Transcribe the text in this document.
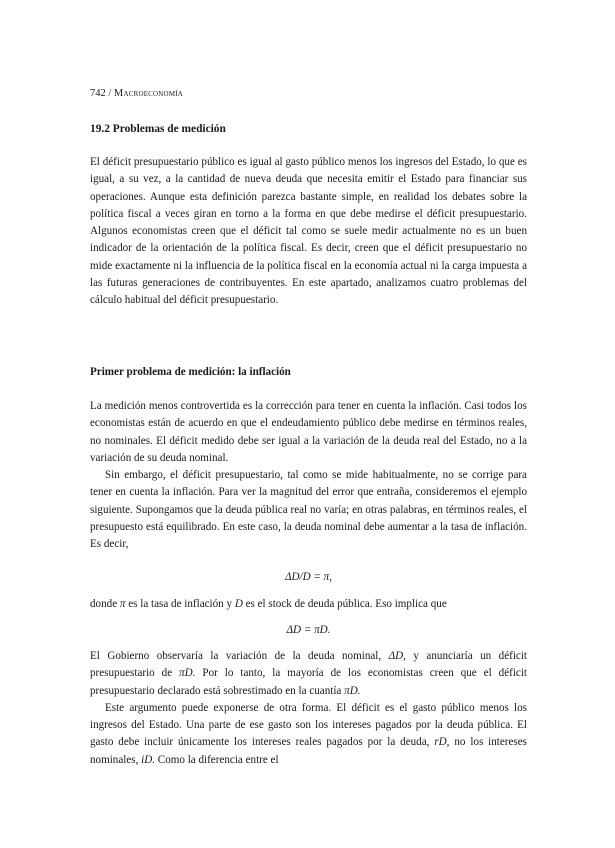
742 / Macroeconomía
19.2 Problemas de medición

El déficit presupuestario público es igual al gasto público menos los ingresos del Estado, lo que es igual, a su vez, a la cantidad de nueva deuda que necesita emitir el Estado para financiar sus operaciones. Aunque esta definición parezca bastante simple, en realidad los debates sobre la política fiscal a veces giran en torno a la forma en que debe medirse el déficit presupuestario. Algunos economistas creen que el déficit tal como se suele medir actualmente no es un buen indicador de la orientación de la política fiscal. Es decir, creen que el déficit presupuestario no mide exactamente ni la influencia de la política fiscal en la economía actual ni la carga impuesta a las futuras generaciones de contribuyentes. En este apartado, analizamos cuatro problemas del cálculo habitual del déficit presupuestario.

Primer problema de medición: la inflación

La medición menos controvertida es la corrección para tener en cuenta la inflación. Casi todos los economistas están de acuerdo en que el endeudamiento público debe medirse en términos reales, no nominales. El déficit medido debe ser igual a la variación de la deuda real del Estado, no a la variación de su deuda nominal.

Sin embargo, el déficit presupuestario, tal como se mide habitualmente, no se corrige para tener en cuenta la inflación. Para ver la magnitud del error que entraña, consideremos el ejemplo siguiente. Supongamos que la deuda pública real no varía; en otras palabras, en términos reales, el presupuesto está equilibrado. En este caso, la deuda nominal debe aumentar a la tasa de inflación. Es decir,

ΔD/D = π,

donde π es la tasa de inflación y D es el stock de deuda pública. Eso implica que

ΔD = πD.

El Gobierno observaría la variación de la deuda nominal, ΔD, y anunciaría un déficit presupuestario de πD. Por lo tanto, la mayoría de los economistas creen que el déficit presupuestario declarado está sobrestimado en la cuantía πD.

Este argumento puede exponerse de otra forma. El déficit es el gasto público menos los ingresos del Estado. Una parte de ese gasto son los intereses pagados por la deuda pública. El gasto debe incluir únicamente los intereses reales pagados por la deuda, rD, no los intereses nominales, iD. Como la diferencia entre el
